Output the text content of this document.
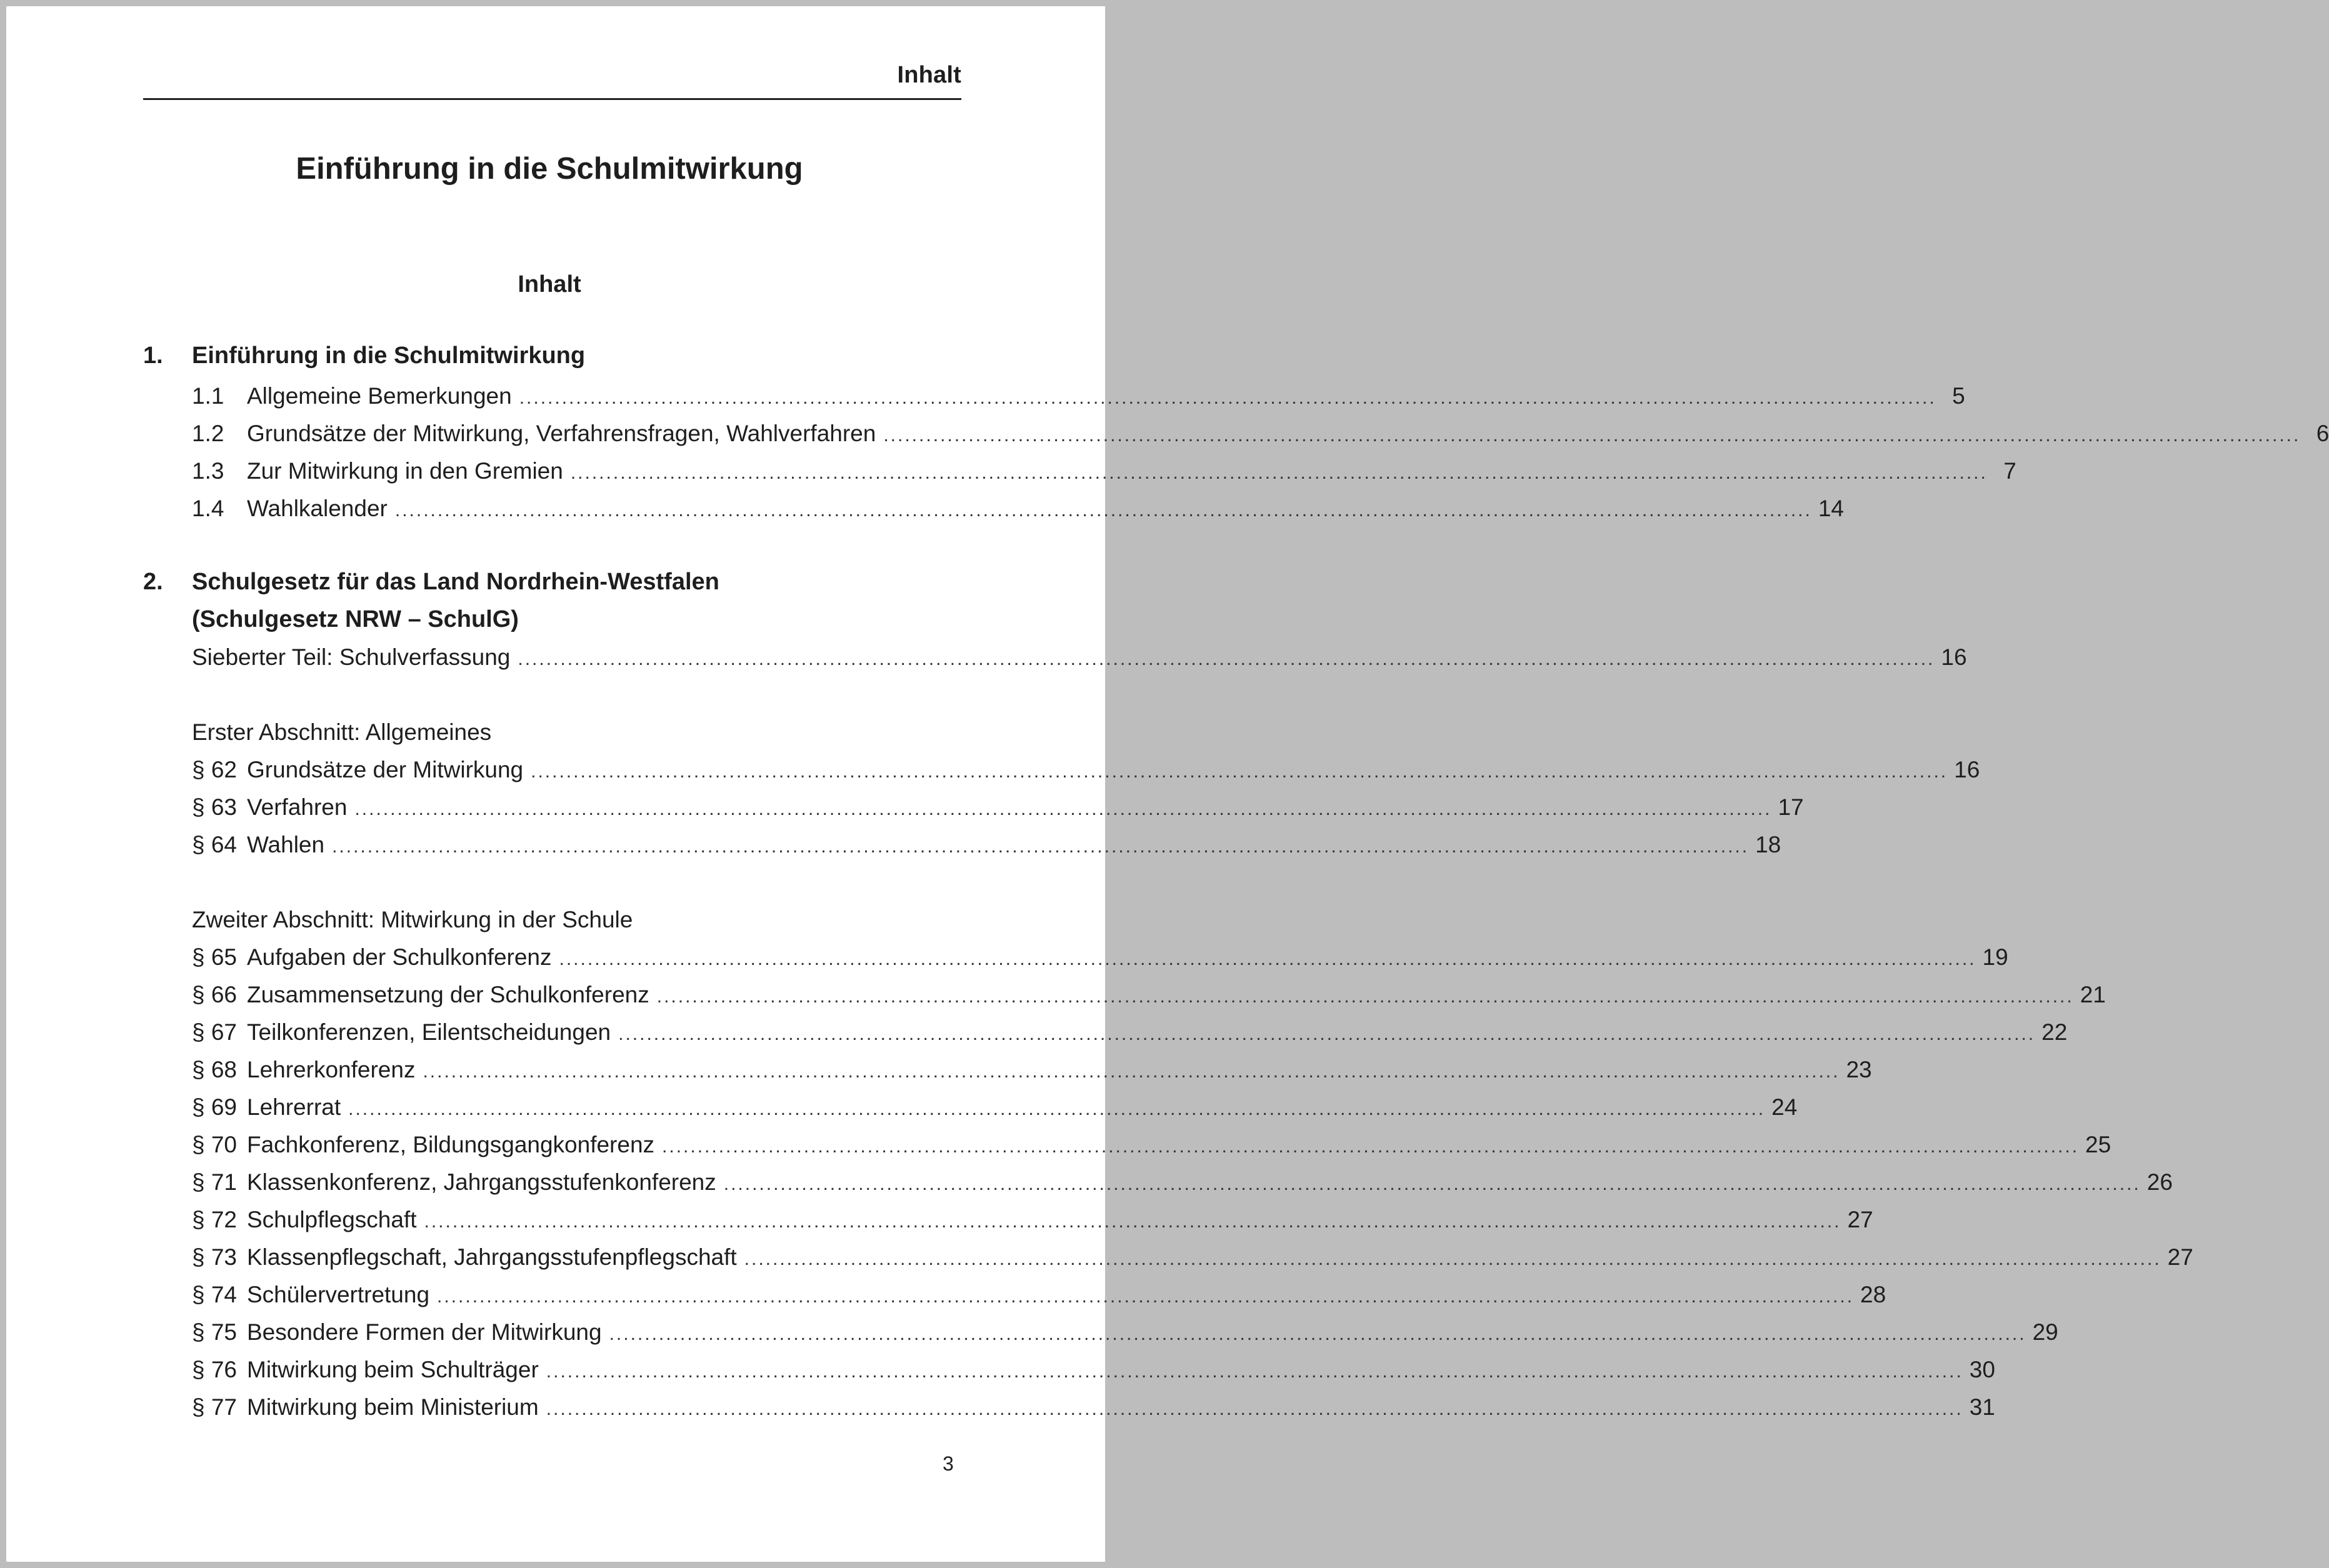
Inhalt
Einführung in die Schulmitwirkung
Inhalt
1. Einführung in die Schulmitwirkung
1.1 Allgemeine Bemerkungen ........................................................................................................................................................................................................ 5
1.2 Grundsätze der Mitwirkung, Verfahrensfragen, Wahlverfahren ........................................................................................................................................................................................................ 6
1.3 Zur Mitwirkung in den Gremien ........................................................................................................................................................................................................ 7
1.4 Wahlkalender ........................................................................................................................................................................................................ 14
2. Schulgesetz für das Land Nordrhein-Westfalen
(Schulgesetz NRW – SchulG)
Sieberter Teil: Schulverfassung ........................................................................................................................................................................................................ 16
Erster Abschnitt: Allgemeines
§ 62 Grundsätze der Mitwirkung ........................................................................................................................................................................................................ 16
§ 63 Verfahren ........................................................................................................................................................................................................ 17
§ 64 Wahlen ........................................................................................................................................................................................................ 18
Zweiter Abschnitt: Mitwirkung in der Schule
§ 65 Aufgaben der Schulkonferenz ........................................................................................................................................................................................................ 19
§ 66 Zusammensetzung der Schulkonferenz ........................................................................................................................................................................................................ 21
§ 67 Teilkonferenzen, Eilentscheidungen ........................................................................................................................................................................................................ 22
§ 68 Lehrerkonferenz ........................................................................................................................................................................................................ 23
§ 69 Lehrerrat ........................................................................................................................................................................................................ 24
§ 70 Fachkonferenz, Bildungsgangkonferenz ........................................................................................................................................................................................................ 25
§ 71 Klassenkonferenz, Jahrgangsstufenkonferenz ........................................................................................................................................................................................................ 26
§ 72 Schulpflegschaft ........................................................................................................................................................................................................ 27
§ 73 Klassenpflegschaft, Jahrgangsstufenpflegschaft ........................................................................................................................................................................................................ 27
§ 74 Schülervertretung ........................................................................................................................................................................................................ 28
§ 75 Besondere Formen der Mitwirkung ........................................................................................................................................................................................................ 29
§ 76 Mitwirkung beim Schulträger ........................................................................................................................................................................................................ 30
§ 77 Mitwirkung beim Ministerium ........................................................................................................................................................................................................ 31
3
